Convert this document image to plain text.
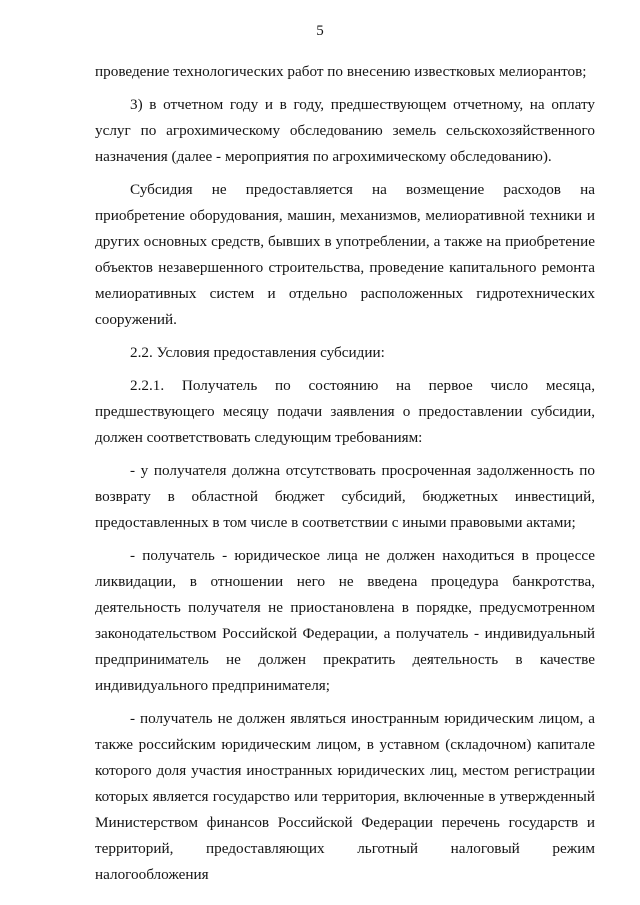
5

проведение технологических работ по внесению известковых мелиорантов;

3) в отчетном году и в году, предшествующем отчетному, на оплату услуг по агрохимическому обследованию земель сельскохозяйственного назначения (далее - мероприятия по агрохимическому обследованию).

Субсидия не предоставляется на возмещение расходов на приобретение оборудования, машин, механизмов, мелиоративной техники и других основных средств, бывших в употреблении, а также на приобретение объектов незавершенного строительства, проведение капитального ремонта мелиоративных систем и отдельно расположенных гидротехнических сооружений.

2.2. Условия предоставления субсидии:

2.2.1. Получатель по состоянию на первое число месяца, предшествующего месяцу подачи заявления о предоставлении субсидии, должен соответствовать следующим требованиям:

- у получателя должна отсутствовать просроченная задолженность по возврату в областной бюджет субсидий, бюджетных инвестиций, предоставленных в том числе в соответствии с иными правовыми актами;

- получатель - юридическое лица не должен находиться в процессе ликвидации, в отношении него не введена процедура банкротства, деятельность получателя не приостановлена в порядке, предусмотренном законодательством Российской Федерации, а получатель - индивидуальный предприниматель не должен прекратить деятельность в качестве индивидуального предпринимателя;

- получатель не должен являться иностранным юридическим лицом, а также российским юридическим лицом, в уставном (складочном) капитале которого доля участия иностранных юридических лиц, местом регистрации которых является государство или территория, включенные в утвержденный Министерством финансов Российской Федерации перечень государств и территорий, предоставляющих льготный налоговый режим налогообложения
